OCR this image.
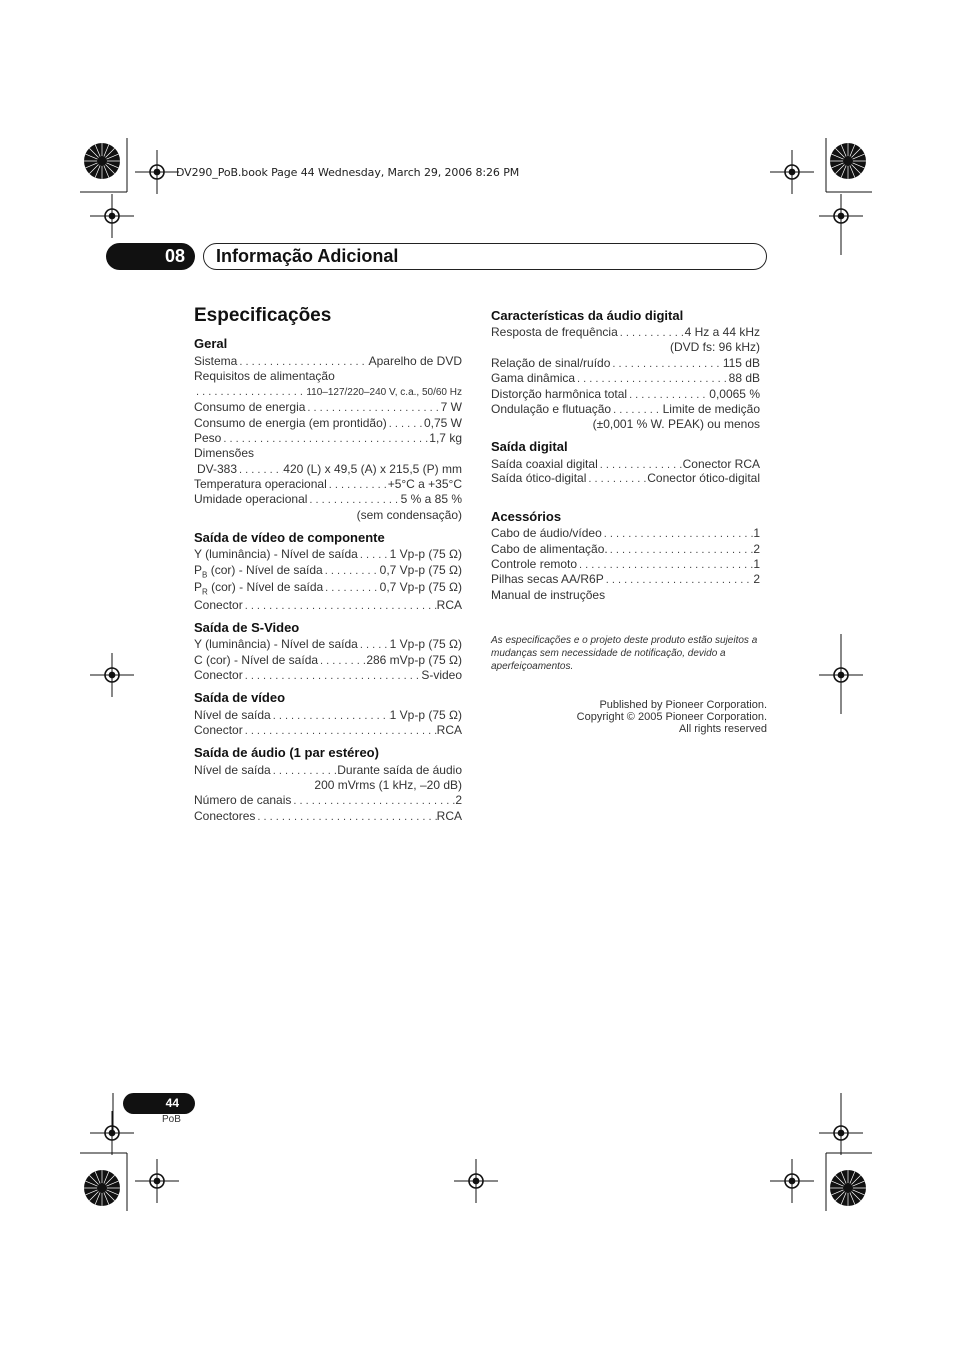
DV290_PoB.book Page 44 Wednesday, March 29, 2006 8:26 PM
08	Informação Adicional
Especificações
Geral
Sistema . . .	Aparelho de DVD
Requisitos de alimentação
. . .
110–127/220–240 V, c.a., 50/60 Hz
Consumo de energia . . .	7 W
Consumo de energia (em prontidão) . . .	0,75 W
Peso . . .	1,7 kg
Dimensões
DV-383 . . .	420 (L) x 49,5 (A) x 215,5 (P) mm
Temperatura operacional . . .	+5°C a +35°C
Umidade operacional . . .	5 % a 85 %
(sem condensação)
Saída de vídeo de componente
Y (luminância) - Nível de saída . . .	1 Vp-p (75 Ω)
$P_B$ (cor) - Nível de saída . . .	0,7 Vp-p (75 Ω)
$P_R$ (cor) - Nível de saída . . .	0,7 Vp-p (75 Ω)
Conector . . .	RCA
Saída de S-Video
Y (luminância) - Nível de saída . . .	1 Vp-p (75 Ω)
C (cor) - Nível de saída . . .	286 mVp-p (75 Ω)
Conector . . .	S-video
Saída de vídeo
Nível de saída . . .	1 Vp-p (75 Ω)
Conector . . .	RCA
Saída de áudio (1 par estéreo)
Nível de saída . . .	Durante saída de áudio
200 mVrms (1 kHz, –20 dB)
Número de canais . . .	2
Conectores . . .	RCA
Características da áudio digital
Resposta de frequência . . .	4 Hz a 44 kHz
(DVD fs: 96 kHz)
Relação de sinal/ruído . . .	115 dB
Gama dinâmica . . .	88 dB
Distorção harmônica total . . .	0,0065 %
Ondulação e flutuação . . .	Limite de medição
(±0,001 % W. PEAK) ou menos
Saída digital
Saída coaxial digital . . .	Conector RCA
Saída ótico-digital . . .	Conector ótico-digital
Acessórios
Cabo de áudio/vídeo . . .	1
Cabo de alimentação. . . .	2
Controle remoto . . .	1
Pilhas secas AA/R6P . . .	2
Manual de instruções
As especificações e o projeto deste produto estão sujeitos a mudanças sem necessidade de notificação, devido a aperfeiçoamentos.
Published by Pioneer Corporation.
Copyright © 2005 Pioneer Corporation.
All rights reserved
44
PoB
